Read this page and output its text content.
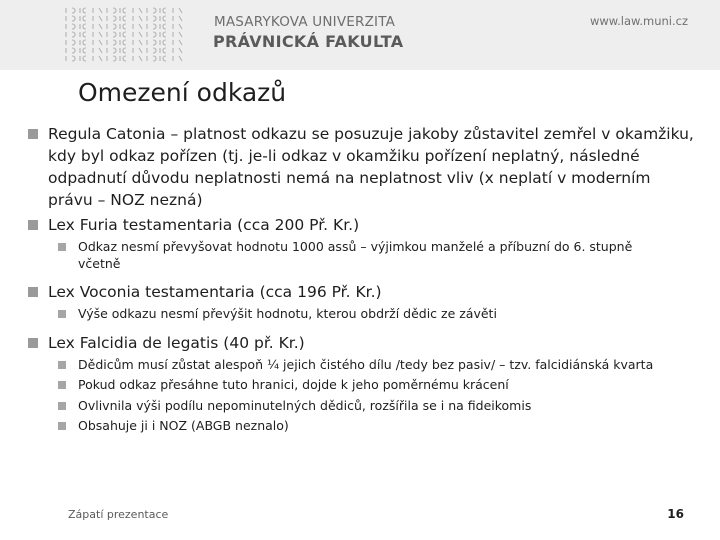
MASARYKOVA UNIVERZITA
PRÁVNICKÁ FAKULTA
www.law.muni.cz
Omezení odkazů
Regula Catonia – platnost odkazu se posuzuje jakoby zůstavitel zemřel v okamžiku, kdy byl odkaz pořízen (tj. je-li odkaz v okamžiku pořízení neplatný, následné odpadnutí důvodu neplatnosti nemá na neplatnost vliv (x neplatí v moderním právu – NOZ nezná)
Lex Furia testamentaria (cca 200 Př. Kr.)
Odkaz nesmí převyšovat hodnotu 1000 assů – výjimkou manželé a příbuzní do 6. stupně včetně
Lex Voconia testamentaria (cca 196 Př. Kr.)
Výše odkazu nesmí převýšit hodnotu, kterou obdrží dědic ze závěti
Lex Falcidia de legatis (40 př. Kr.)
Dědicům musí zůstat alespoň ¼ jejich čistého dílu /tedy bez pasiv/ – tzv. falcidiánská kvarta
Pokud odkaz přesáhne tuto hranici, dojde k jeho poměrnému krácení
Ovlivnila výši podílu nepominutelných dědiců, rozšířila se i na fideikomis
Obsahuje ji i NOZ (ABGB neznalo)
Zápatí prezentace	16
